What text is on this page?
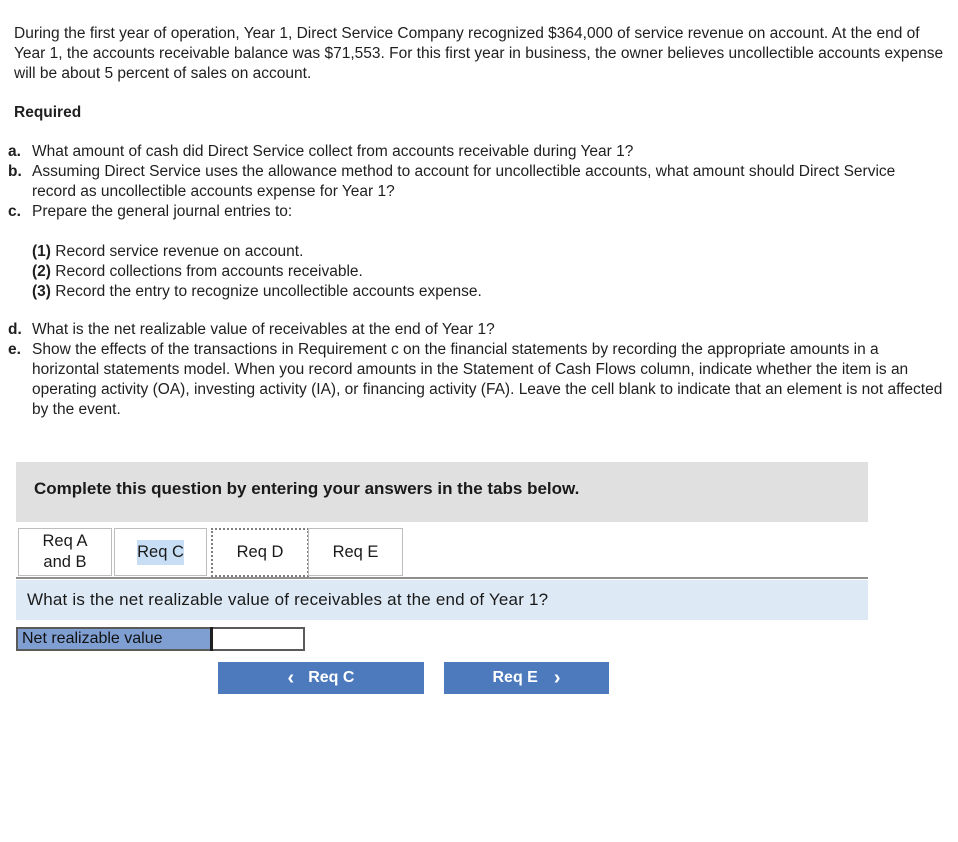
During the first year of operation, Year 1, Direct Service Company recognized $364,000 of service revenue on account. At the end of Year 1, the accounts receivable balance was $71,553. For this first year in business, the owner believes uncollectible accounts expense will be about 5 percent of sales on account.
Required
a. What amount of cash did Direct Service collect from accounts receivable during Year 1?
b. Assuming Direct Service uses the allowance method to account for uncollectible accounts, what amount should Direct Service record as uncollectible accounts expense for Year 1?
c. Prepare the general journal entries to:
(1) Record service revenue on account.
(2) Record collections from accounts receivable.
(3) Record the entry to recognize uncollectible accounts expense.
d. What is the net realizable value of receivables at the end of Year 1?
e. Show the effects of the transactions in Requirement c on the financial statements by recording the appropriate amounts in a horizontal statements model. When you record amounts in the Statement of Cash Flows column, indicate whether the item is an operating activity (OA), investing activity (IA), or financing activity (FA). Leave the cell blank to indicate that an element is not affected by the event.
Complete this question by entering your answers in the tabs below.
Req A
and B
Req C	Req D	Req E
What is the net realizable value of receivables at the end of Year 1?
Net realizable value
‹ Req C	Req E ›
